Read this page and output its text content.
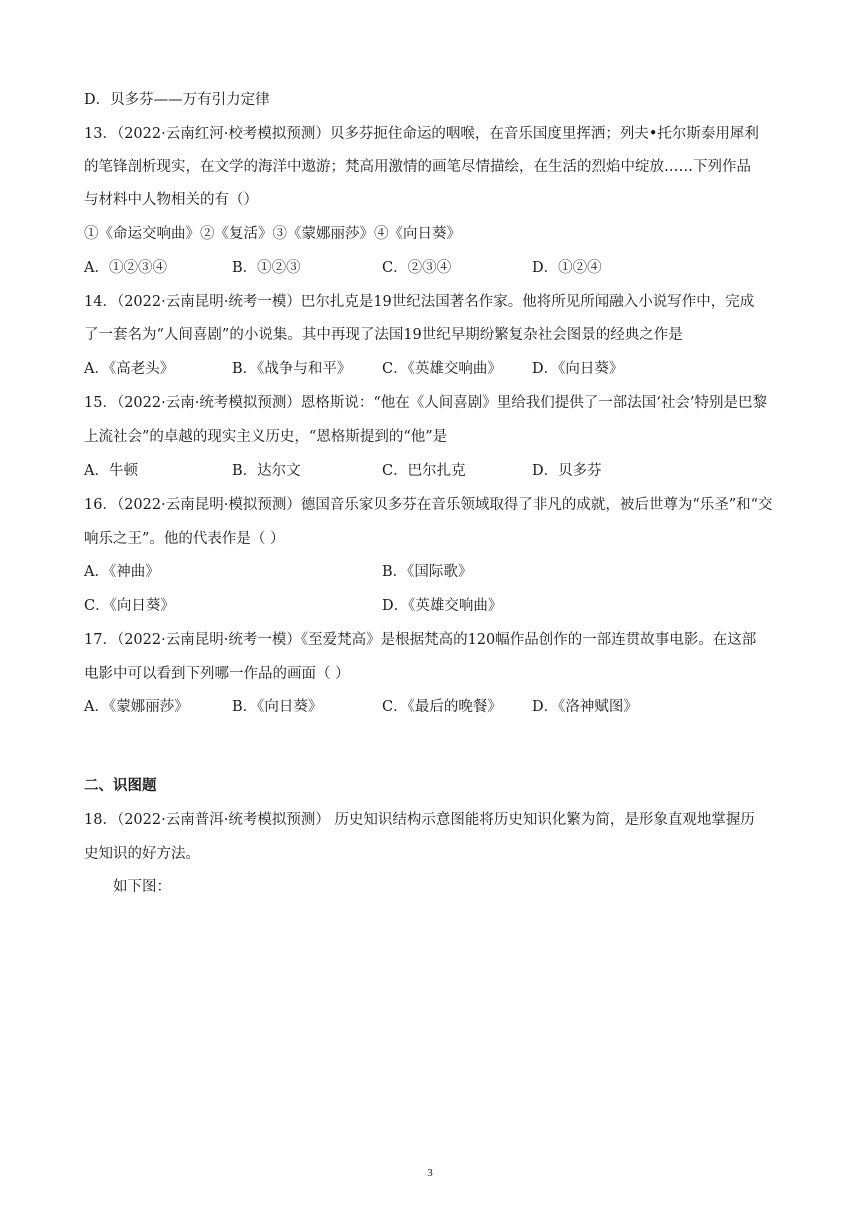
D．贝多芬——万有引力定律
13．（2022·云南红河·校考模拟预测）贝多芬扼住命运的咽喉，在音乐国度里挥洒；列夫•托尔斯泰用犀利
的笔锋剖析现实，在文学的海洋中遨游；梵高用激情的画笔尽情描绘，在生活的烈焰中绽放……下列作品
与材料中人物相关的有（）
①《命运交响曲》②《复活》③《蒙娜丽莎》④《向日葵》
A．①②③④	B．①②③	C．②③④	D．①②④
14．（2022·云南昆明·统考一模）巴尔扎克是19世纪法国著名作家。他将所见所闻融入小说写作中，完成
了一套名为“人间喜剧”的小说集。其中再现了法国19世纪早期纷繁复杂社会图景的经典之作是
A．《高老头》	B．《战争与和平》 C．《英雄交响曲》 D．《向日葵》
15．（2022·云南·统考模拟预测）恩格斯说：“他在《人间喜剧》里给我们提供了一部法国‘社会’特别是巴黎
上流社会”的卓越的现实主义历史，“恩格斯提到的“他”是
A．牛顿	B．达尔文	C．巴尔扎克	D．贝多芬
16．（2022·云南昆明·模拟预测）德国音乐家贝多芬在音乐领域取得了非凡的成就，被后世尊为“乐圣”和“交
响乐之王”。他的代表作是（ ）
A．《神曲》	B．《国际歌》
C．《向日葵》	D．《英雄交响曲》
17．（2022·云南昆明·统考一模）《至爱梵高》是根据梵高的120幅作品创作的一部连贯故事电影。在这部
电影中可以看到下列哪一作品的画面（ ）
A．《蒙娜丽莎》	B．《向日葵》	C．《最后的晚餐》 D．《洛神赋图》
二、识图题
18．（2022·云南普洱·统考模拟预测） 历史知识结构示意图能将历史知识化繁为简，是形象直观地掌握历
史知识的好方法。
如下图：
3
